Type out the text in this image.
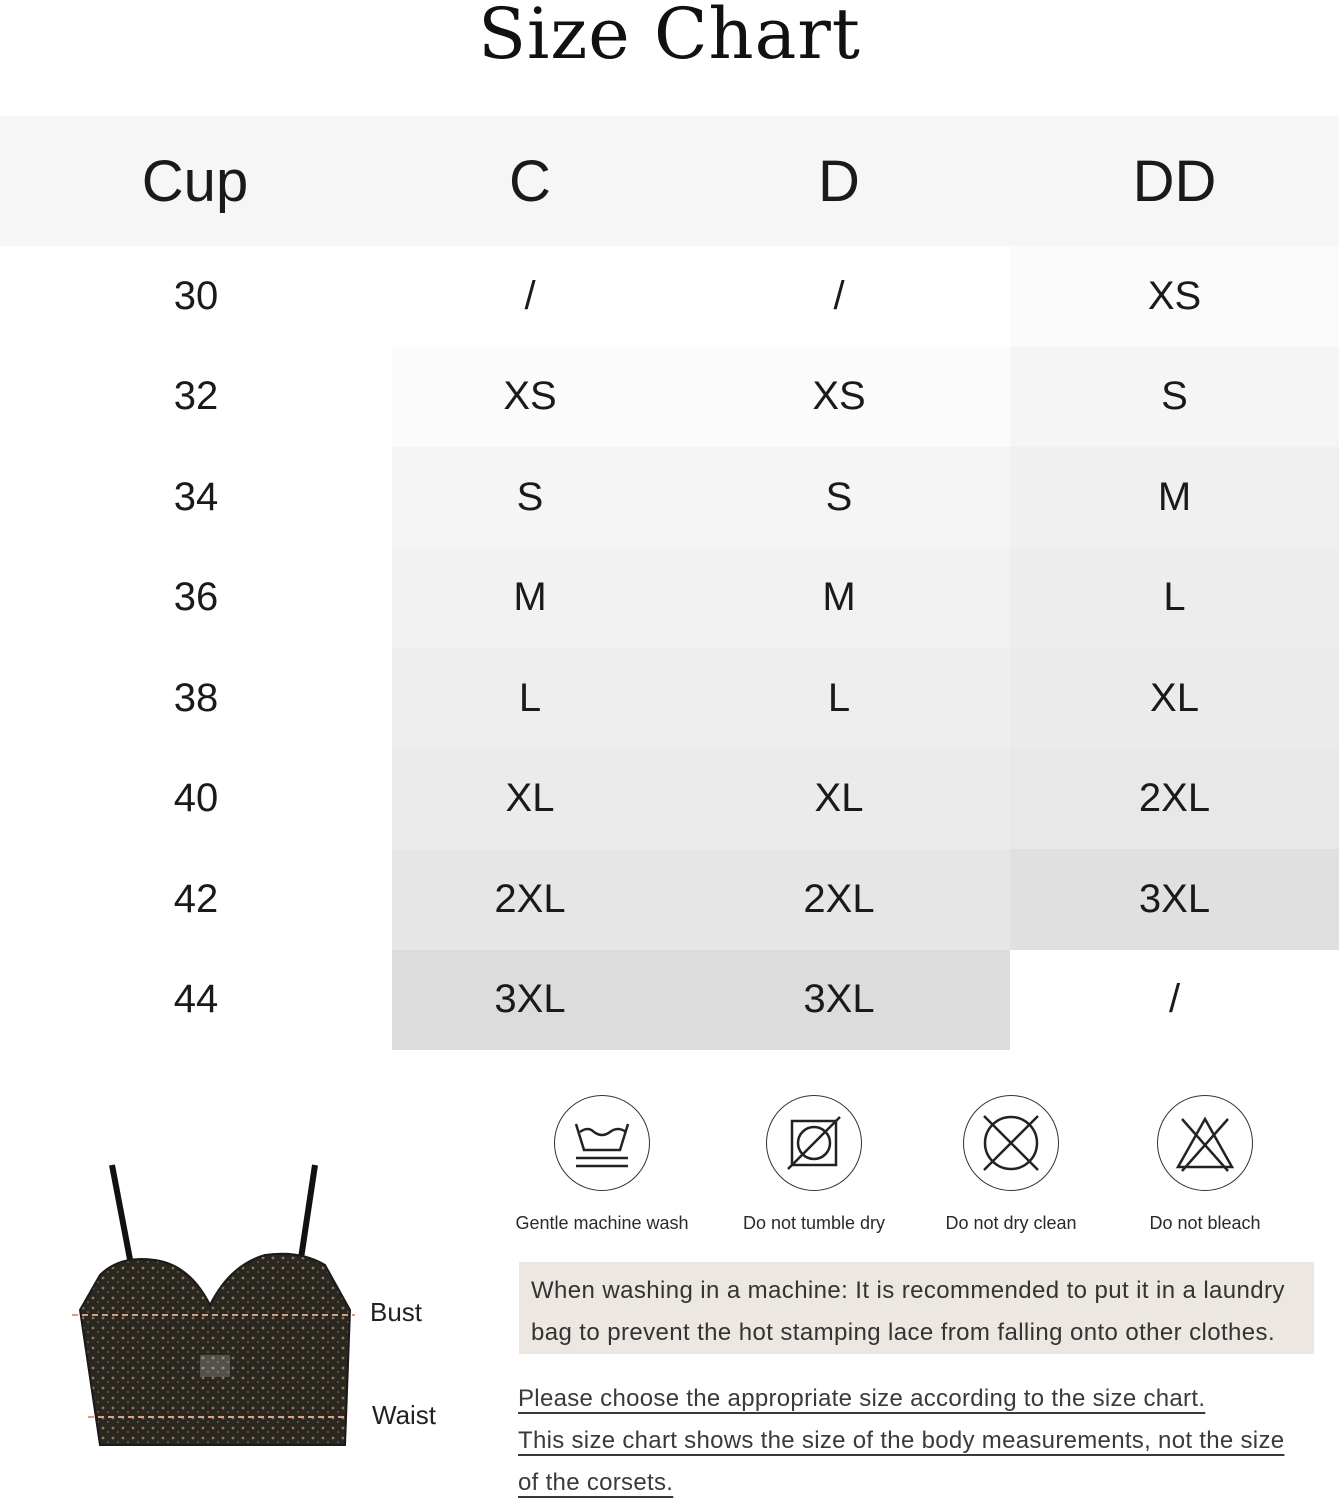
Size Chart
Cup	C	D	DD
30	/	/	XS
32	XS	XS	S
34	S	S	M
36	M	M	L
38	L	L	XL
40	XL	XL	2XL
42	2XL	2XL	3XL
44	3XL	3XL	/
Bust
Waist
Gentle machine wash	Do not tumble dry	Do not dry clean	Do not bleach
When washing in a machine: It is recommended to put it in a laundry bag to prevent the hot stamping lace from falling onto other clothes.
Please choose the appropriate size according to the size chart.
This size chart shows the size of the body measurements, not the size
of the corsets.
